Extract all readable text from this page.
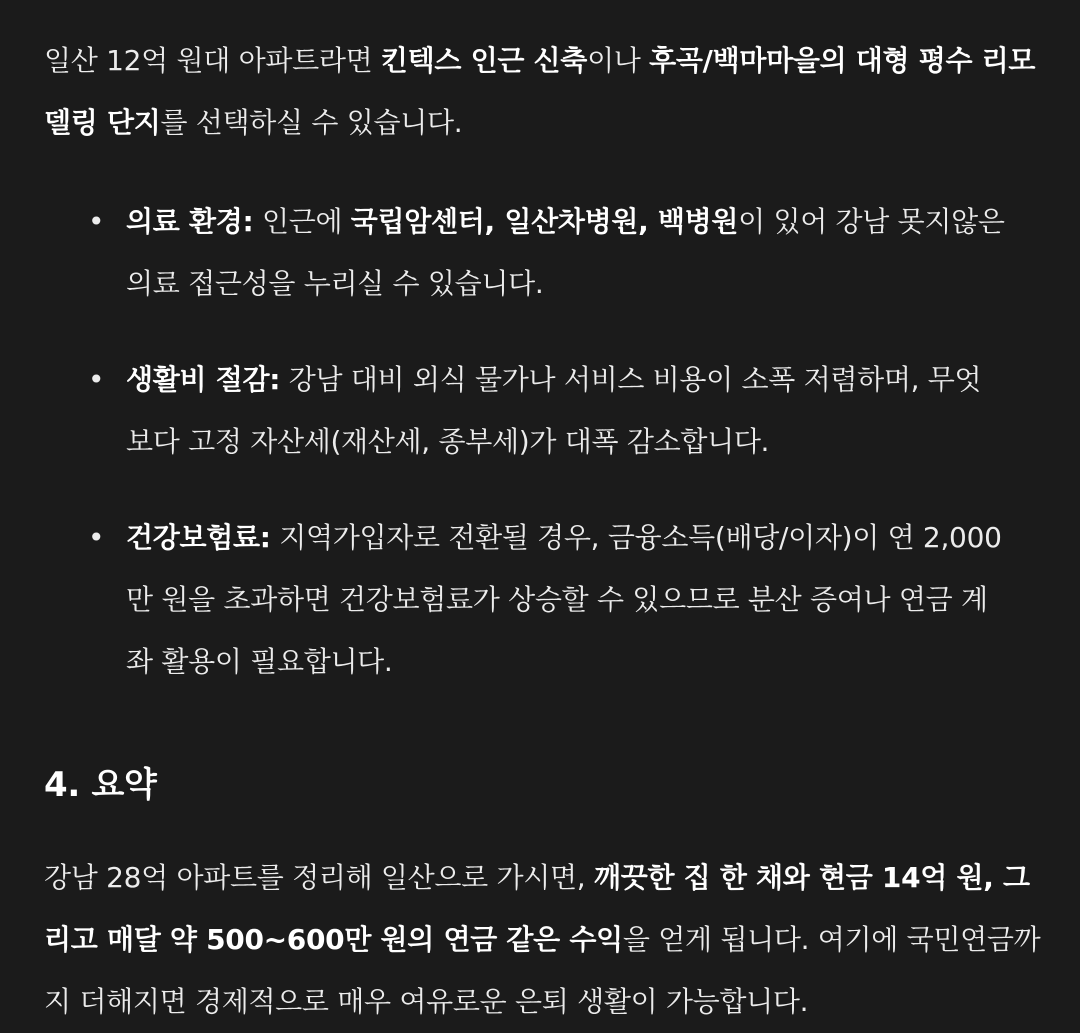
일산 12억 원대 아파트라면 킨텍스 인근 신축이나 후곡/백마마을의 대형 평수 리모델링 단지를 선택하실 수 있습니다.

• 의료 환경: 인근에 국립암센터, 일산차병원, 백병원이 있어 강남 못지않은 의료 접근성을 누리실 수 있습니다.
• 생활비 절감: 강남 대비 외식 물가나 서비스 비용이 소폭 저렴하며, 무엇보다 고정 자산세(재산세, 종부세)가 대폭 감소합니다.
• 건강보험료: 지역가입자로 전환될 경우, 금융소득(배당/이자)이 연 2,000만 원을 초과하면 건강보험료가 상승할 수 있으므로 분산 증여나 연금 계좌 활용이 필요합니다.
4. 요약

강남 28억 아파트를 정리해 일산으로 가시면, 깨끗한 집 한 채와 현금 14억 원, 그리고 매달 약 500~600만 원의 연금 같은 수익을 얻게 됩니다. 여기에 국민연금까지 더해지면 경제적으로 매우 여유로운 은퇴 생활이 가능합니다.
